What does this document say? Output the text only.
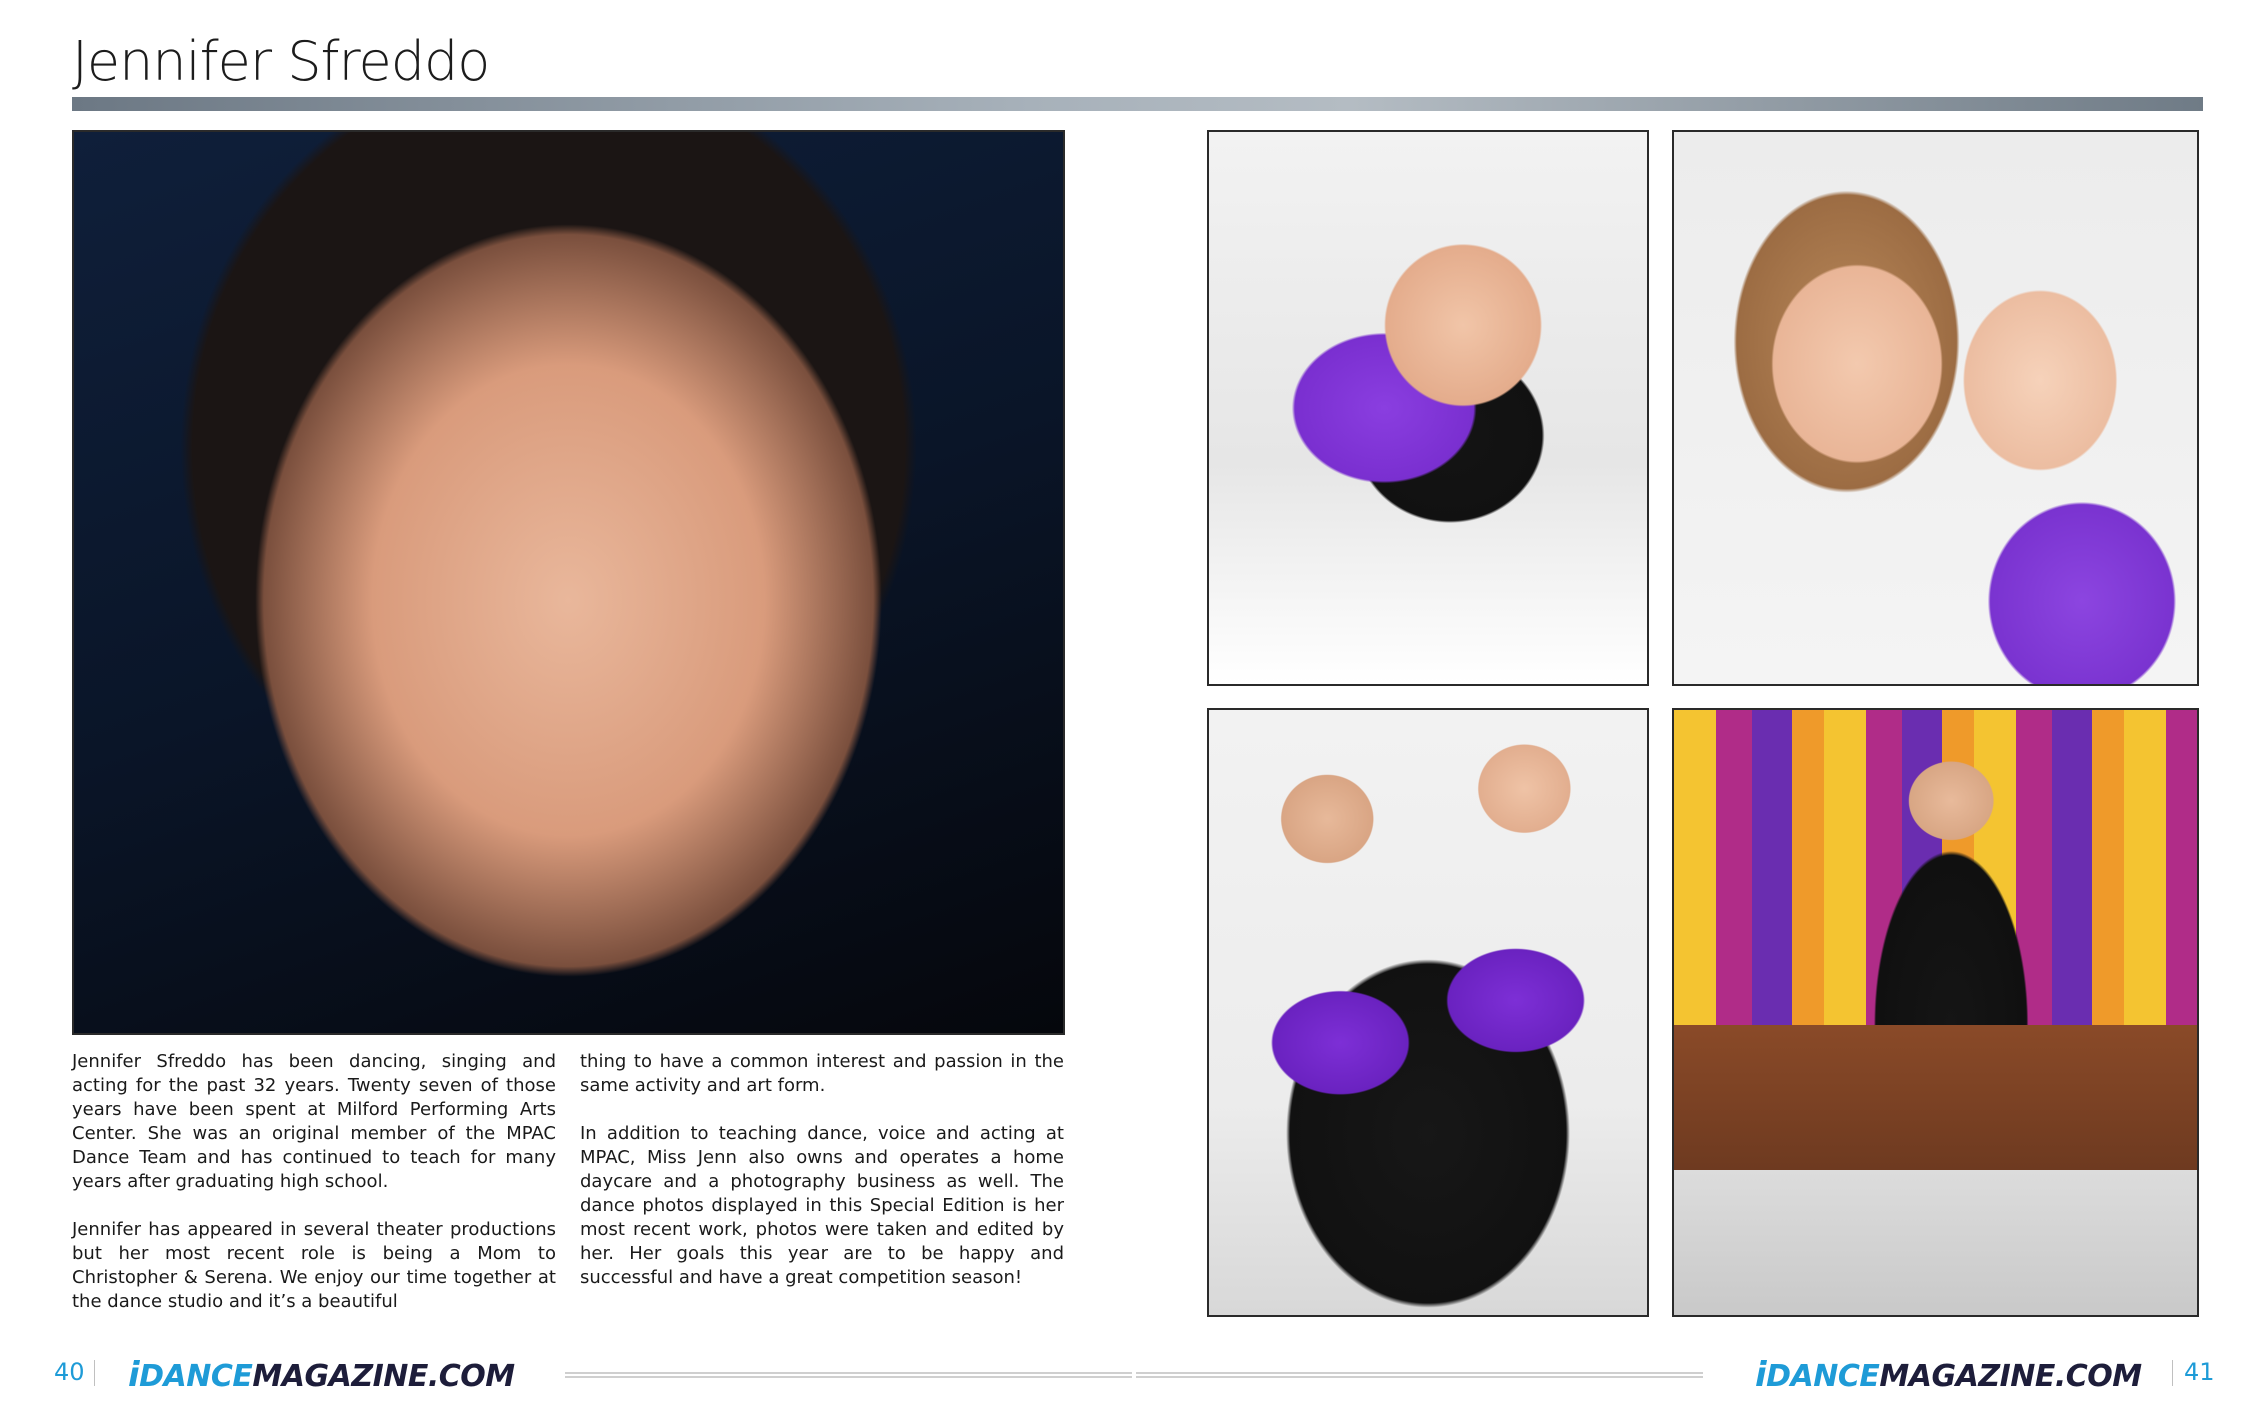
Jennifer Sfreddo

Jennifer Sfreddo has been dancing, singing and acting for the past 32 years. Twenty seven of those years have been spent at Milford Performing Arts Center. She was an original member of the MPAC Dance Team and has continued to teach for many years after graduating high school.

Jennifer has appeared in several theater productions but her most recent role is being a Mom to Christopher & Serena. We enjoy our time together at the dance studio and it’s a beautiful

thing to have a common interest and passion in the same activity and art form.

In addition to teaching dance, voice and acting at MPAC, Miss Jenn also owns and operates a home daycare and a photography business as well. The dance photos displayed in this Special Edition is her most recent work, photos were taken and edited by her. Her goals this year are to be happy and successful and have a great competition season!

40 iDANCEMAGAZINE.COM	iDANCEMAGAZINE.COM 41
